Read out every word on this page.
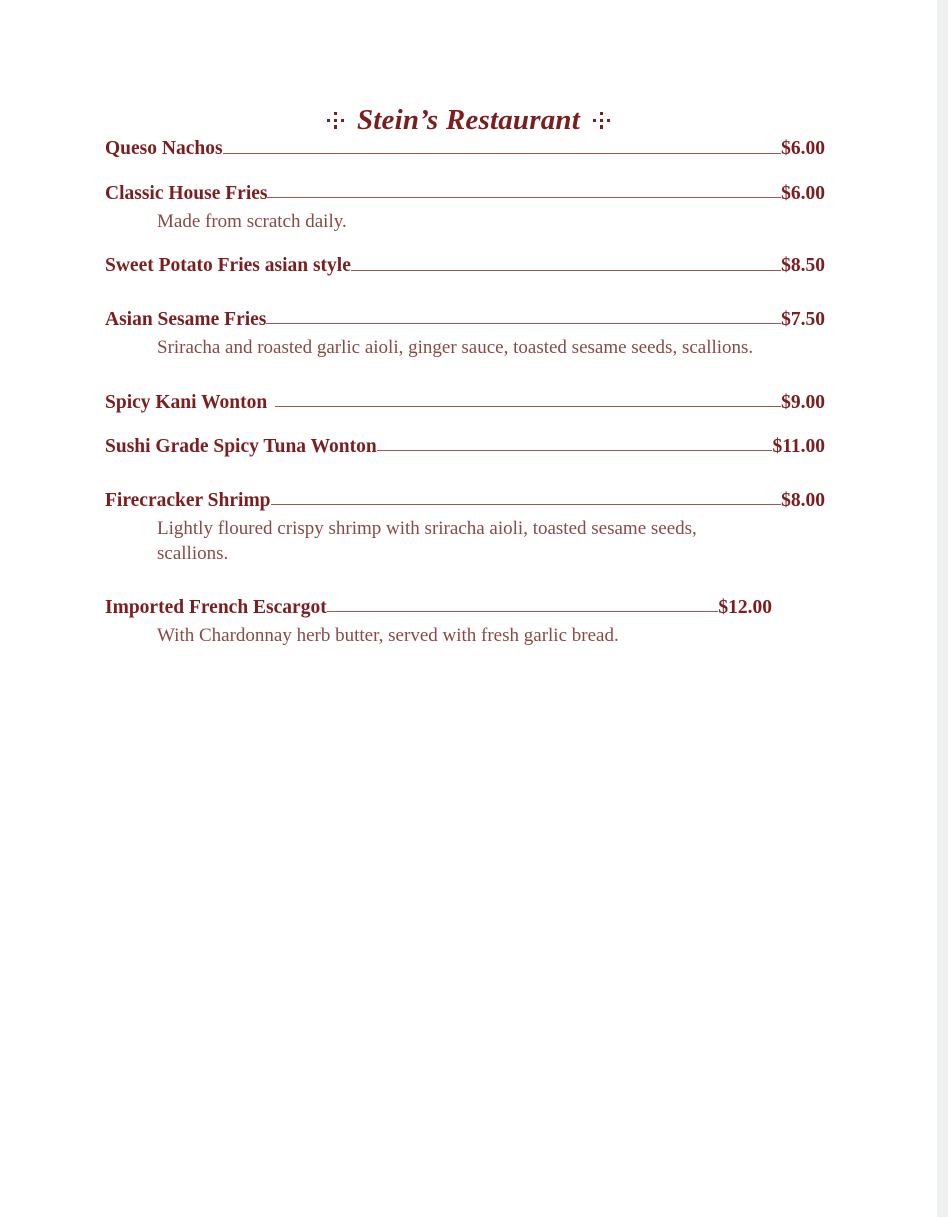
Stein’s Restaurant
Queso Nachos	$6.00
Classic House Fries	$6.00

Made from scratch daily.

Sweet Potato Fries asian style	$8.50
Asian Sesame Fries	$7.50

Sriracha and roasted garlic aioli, ginger sauce, toasted sesame seeds, scallions.

Spicy Kani Wonton	$9.00
Sushi Grade Spicy Tuna Wonton	$11.00
Firecracker Shrimp	$8.00

Lightly floured crispy shrimp with sriracha aioli, toasted sesame seeds, scallions.

Imported French Escargot	$12.00

With Chardonnay herb butter, served with fresh garlic bread.
